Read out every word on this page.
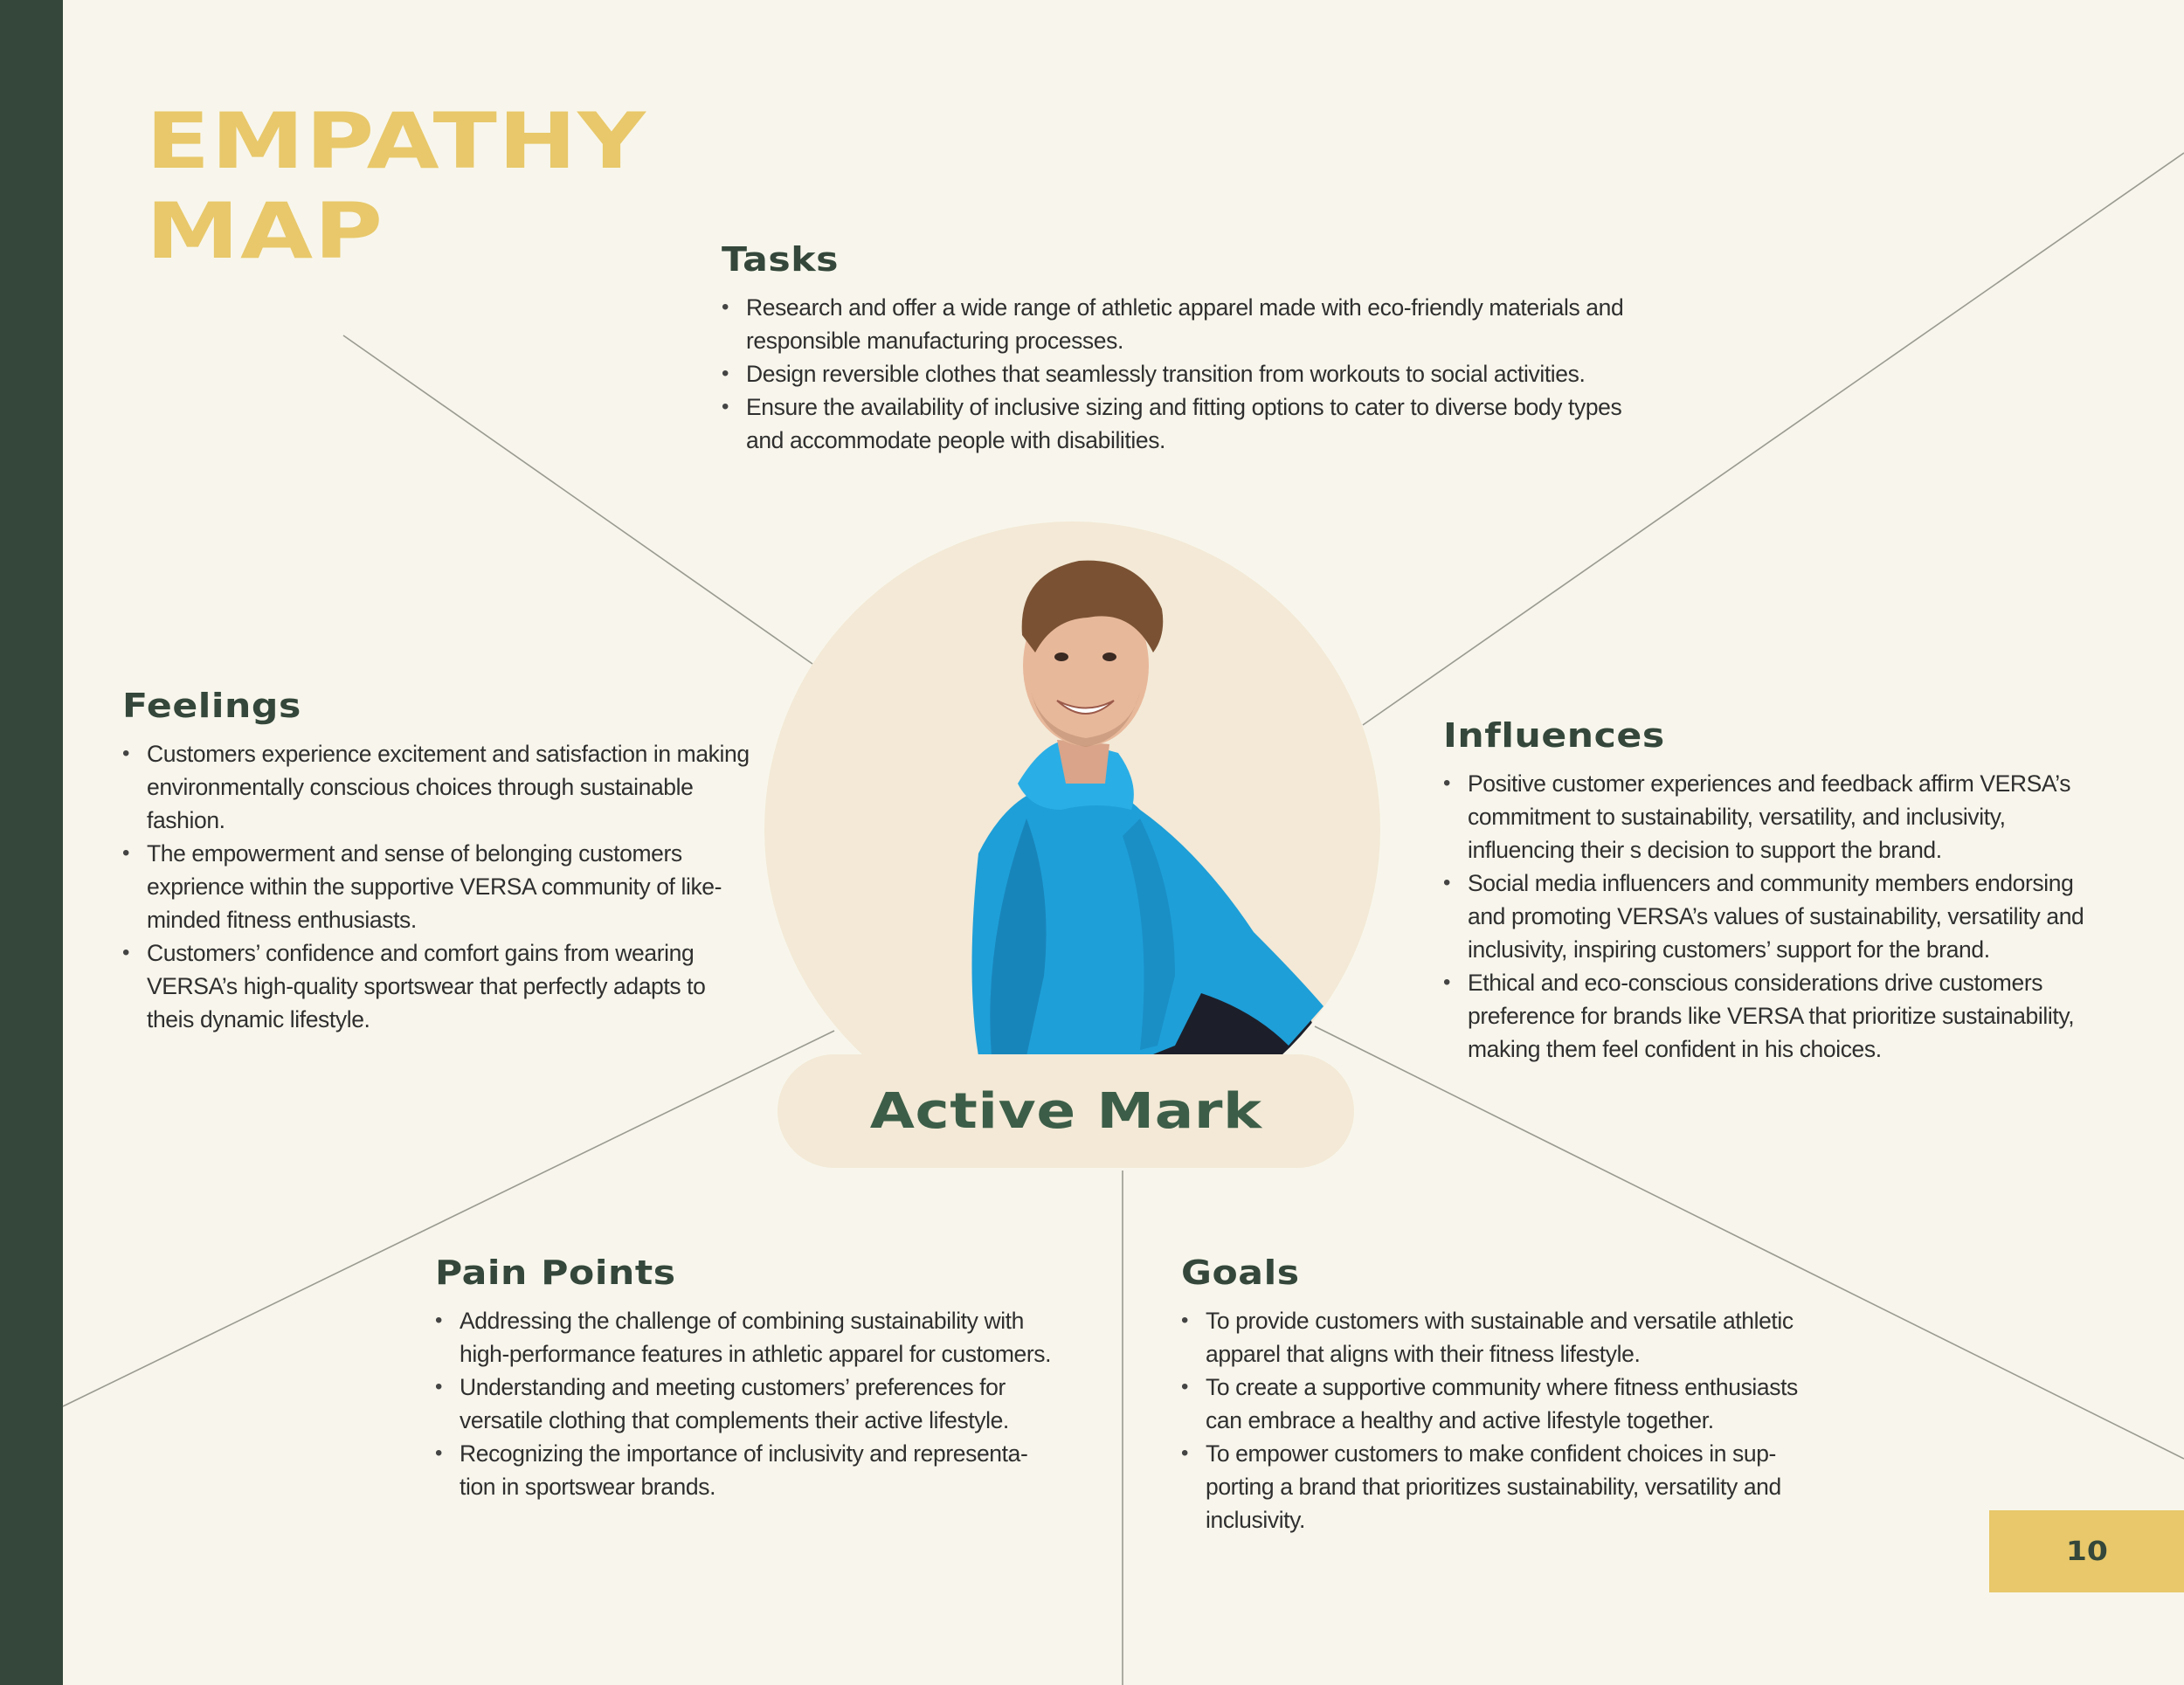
EMPATHY
MAP	Tasks
• Research and offer a wide range of athletic apparel made with eco-friendly materials and responsible manufacturing processes.
• Design reversible clothes that seamlessly transition from workouts to social activities.
• Ensure the availability of inclusive sizing and fitting options to cater to diverse body types and accommodate people with disabilities.
Feelings
• Customers experience excitement and satisfaction in making environmentally conscious choices through sustainable fashion.
• The empowerment and sense of belonging customers exprience within the supportive VERSA community of like-minded fitness enthusiasts.
• Customers’ confidence and comfort gains from wearing VERSA’s high-quality sportswear that perfectly adapts to theis dynamic lifestyle.
Influences
• Positive customer experiences and feedback affirm VERSA’s commitment to sustainability, versatility, and inclusivity, influencing their s decision to support the brand.
• Social media influencers and community members endorsing and promoting VERSA’s values of sustainability, versatility and inclusivity, inspiring customers’ support for the brand.
• Ethical and eco-conscious considerations drive customers preference for brands like VERSA that prioritize sustainability, making them feel confident in his choices.
Pain Points
• Addressing the challenge of combining sustainability with high-performance features in athletic apparel for customers.
• Understanding and meeting customers’ preferences for versatile clothing that complements their active lifestyle.
• Recognizing the importance of inclusivity and representa- tion in sportswear brands.
Goals
• To provide customers with sustainable and versatile athletic apparel that aligns with their fitness lifestyle.
• To create a supportive community where fitness enthusiasts can embrace a healthy and active lifestyle together.
• To empower customers to make confident choices in sup- porting a brand that prioritizes sustainability, versatility and inclusivity.
Active Mark
10
